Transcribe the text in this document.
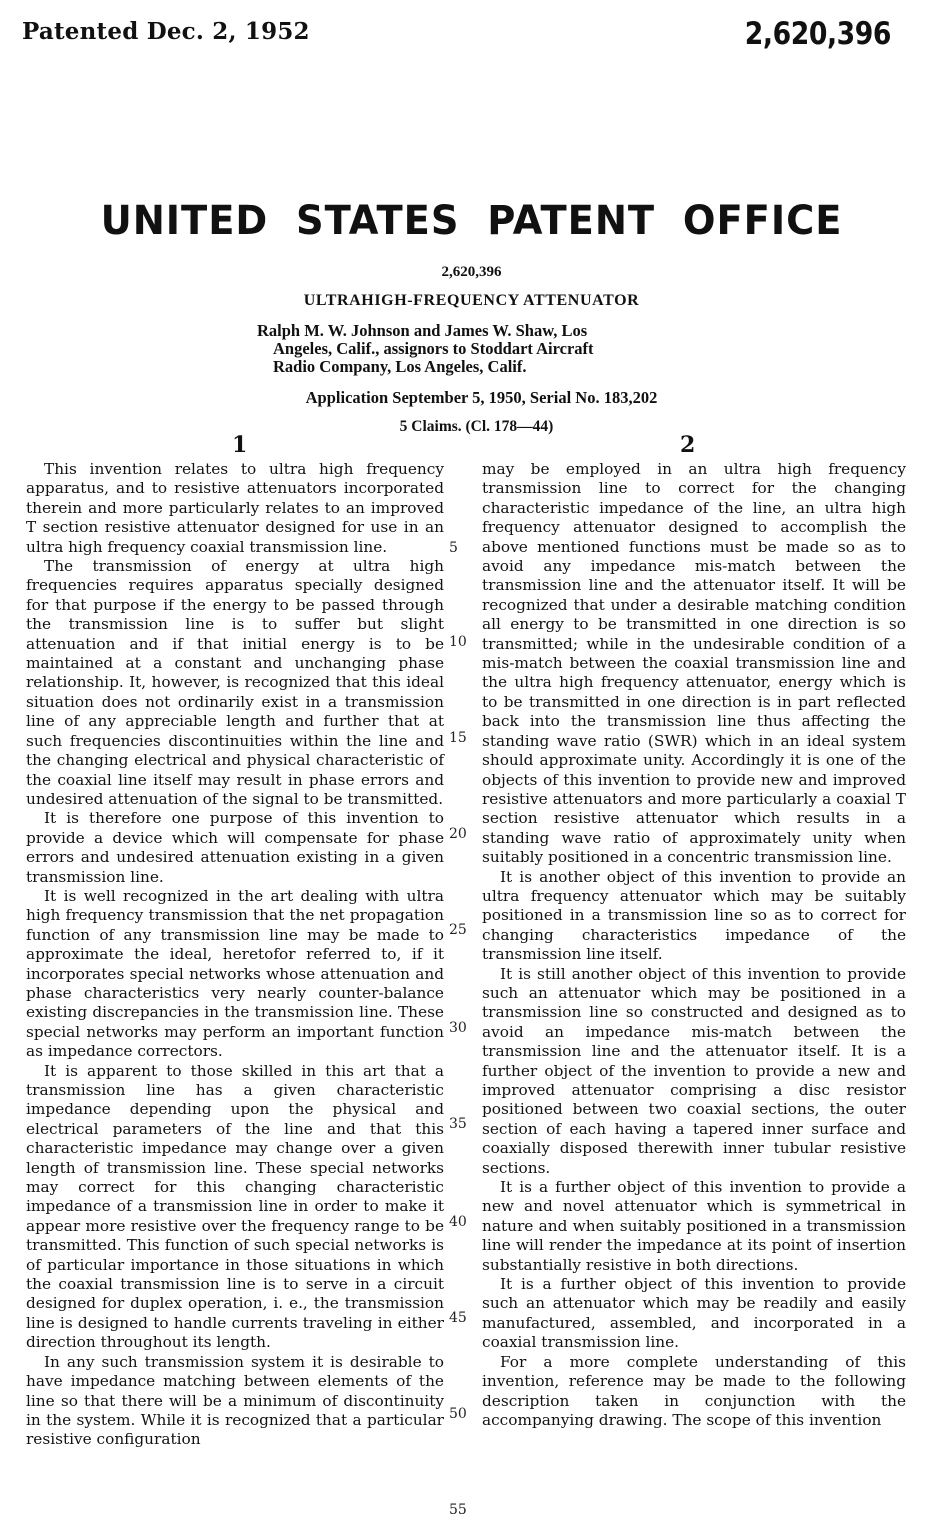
Patented Dec. 2, 1952	2,620,396
UNITED STATES PATENT OFFICE
2,620,396
ULTRAHIGH-FREQUENCY ATTENUATOR
Ralph M. W. Johnson and James W. Shaw, Los
Angeles, Calif., assignors to Stoddart Aircraft
Radio Company, Los Angeles, Calif.
Application September 5, 1950, Serial No. 183,202
5 Claims. (Cl. 178—44)
1	2

This invention relates to ultra high frequency apparatus, and to resistive attenuators incorporated therein and more particularly relates to an improved T section resistive attenuator designed for use in an ultra high frequency coaxial transmission line.

The transmission of energy at ultra high frequencies requires apparatus specially designed for that purpose if the energy to be passed through the transmission line is to suffer but slight attenuation and if that initial energy is to be maintained at a constant and unchanging phase relationship. It, however, is recognized that this ideal situation does not ordinarily exist in a transmission line of any appreciable length and further that at such frequencies discontinuities within the line and the changing electrical and physical characteristic of the coaxial line itself may result in phase errors and undesired attenuation of the signal to be transmitted.

It is therefore one purpose of this invention to provide a device which will compensate for phase errors and undesired attenuation existing in a given transmission line.

It is well recognized in the art dealing with ultra high frequency transmission that the net propagation function of any transmission line may be made to approximate the ideal, heretofor referred to, if it incorporates special networks whose attenuation and phase characteristics very nearly counter-balance existing discrepancies in the transmission line. These special networks may perform an important function as impedance correctors.

It is apparent to those skilled in this art that a transmission line has a given characteristic impedance depending upon the physical and electrical parameters of the line and that this characteristic impedance may change over a given length of transmission line. These special networks may correct for this changing characteristic impedance of a transmission line in order to make it appear more resistive over the frequency range to be transmitted. This function of such special networks is of particular importance in those situations in which the coaxial transmission line is to serve in a circuit designed for duplex operation, i. e., the transmission line is designed to handle currents traveling in either direction throughout its length.

In any such transmission system it is desirable to have impedance matching between elements of the line so that there will be a minimum of discontinuity in the system. While it is recognized that a particular resistive configuration

may be employed in an ultra high frequency transmission line to correct for the changing characteristic impedance of the line, an ultra high frequency attenuator designed to accomplish the above mentioned functions must be made so as to avoid any impedance mis-match between the transmission line and the attenuator itself. It will be recognized that under a desirable matching condition all energy to be transmitted in one direction is so transmitted; while in the undesirable condition of a mis-match between the coaxial transmission line and the ultra high frequency attenuator, energy which is to be transmitted in one direction is in part reflected back into the transmission line thus affecting the standing wave ratio (SWR) which in an ideal system should approximate unity. Accordingly it is one of the objects of this invention to provide new and improved resistive attenuators and more particularly a coaxial T section resistive attenuator which results in a standing wave ratio of approximately unity when suitably positioned in a concentric transmission line.

It is another object of this invention to provide an ultra frequency attenuator which may be suitably positioned in a transmission line so as to correct for changing characteristics impedance of the transmission line itself.

It is still another object of this invention to provide such an attenuator which may be positioned in a transmission line so constructed and designed as to avoid an impedance mis-match between the transmission line and the attenuator itself. It is a further object of the invention to provide a new and improved attenuator comprising a disc resistor positioned between two coaxial sections, the outer section of each having a tapered inner surface and coaxially disposed therewith inner tubular resistive sections.

It is a further object of this invention to provide a new and novel attenuator which is symmetrical in nature and when suitably positioned in a transmission line will render the impedance at its point of insertion substantially resistive in both directions.

It is a further object of this invention to provide such an attenuator which may be readily and easily manufactured, assembled, and incorporated in a coaxial transmission line.

For a more complete understanding of this invention, reference may be made to the following description taken in conjunction with the accompanying drawing. The scope of this invention

5
10
15
20
25
30
35
40
45
50
55
